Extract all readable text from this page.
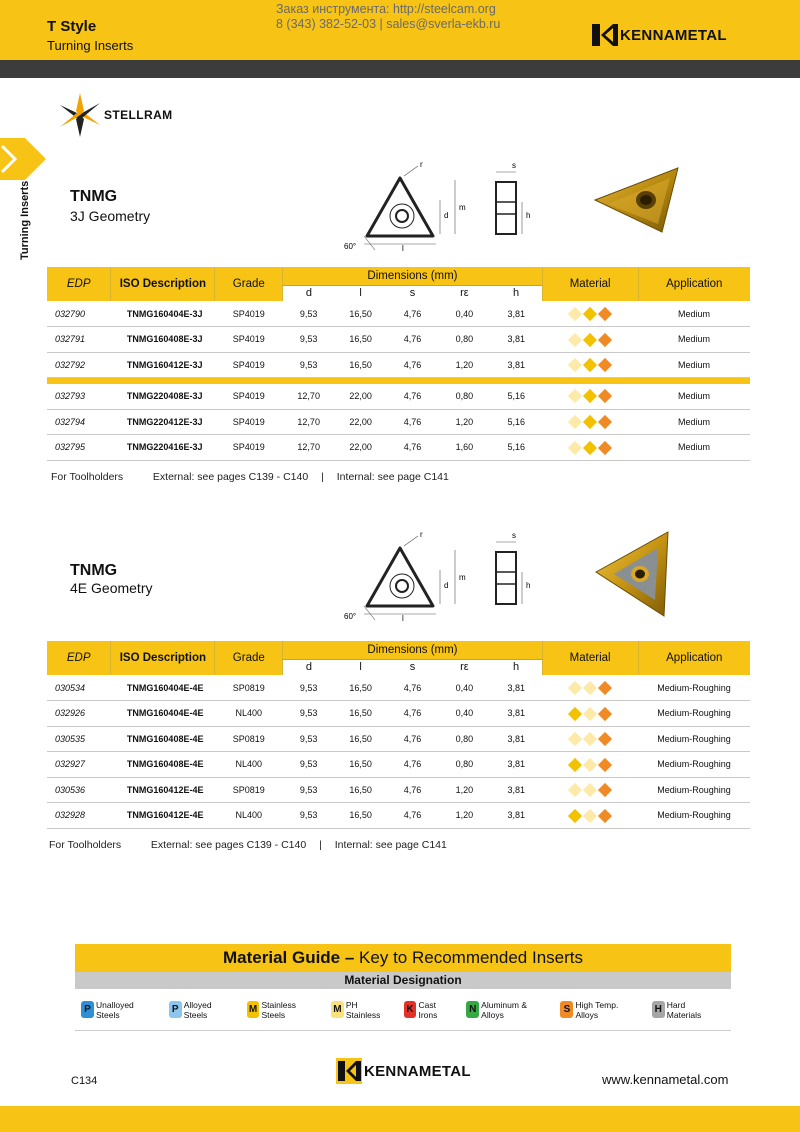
T Style
Turning Inserts
Заказ инструмента: http://steelcam.org
8 (343) 382-52-03 | sales@sverla-ekb.ru
KENNAMETAL
Turning Inserts
STELLRAM
TNMG
3J Geometry
r
d
m
l
60°
s
h
EDP	ISO Description	Grade	Dimensions (mm)					Material	Application
			d	l	s	rε	h		
032790	TNMG160404E-3J	SP4019	9,53	16,50	4,76	0,40	3,81		Medium
032791	TNMG160408E-3J	SP4019	9,53	16,50	4,76	0,80	3,81		Medium
032792	TNMG160412E-3J	SP4019	9,53	16,50	4,76	1,20	3,81		Medium

032793	TNMG220408E-3J	SP4019	12,70	22,00	4,76	0,80	5,16		Medium
032794	TNMG220412E-3J	SP4019	12,70	22,00	4,76	1,20	5,16		Medium
032795	TNMG220416E-3J	SP4019	12,70	22,00	4,76	1,60	5,16		Medium
For Toolholders	External: see pages C139 - C140 | Internal: see page C141
TNMG
4E Geometry
r
d
m
l
60°
s
h
EDP	ISO Description	Grade	Dimensions (mm)					Material	Application
			d	l	s	rε	h		
030534	TNMG160404E-4E	SP0819	9,53	16,50	4,76	0,40	3,81		Medium-Roughing
032926	TNMG160404E-4E	NL400	9,53	16,50	4,76	0,40	3,81		Medium-Roughing
030535	TNMG160408E-4E	SP0819	9,53	16,50	4,76	0,80	3,81		Medium-Roughing
032927	TNMG160408E-4E	NL400	9,53	16,50	4,76	0,80	3,81		Medium-Roughing
030536	TNMG160412E-4E	SP0819	9,53	16,50	4,76	1,20	3,81		Medium-Roughing
032928	TNMG160412E-4E	NL400	9,53	16,50	4,76	1,20	3,81		Medium-Roughing
For Toolholders	External: see pages C139 - C140 | Internal: see page C141
Material Guide – Key to Recommended Inserts
Material Designation
P Unalloyed Steels	P Alloyed Steels	M Stainless Steels	M PH Stainless	K Cast Irons	N Aluminum & Alloys	S High Temp. Alloys	H Hard Materials
C134
KENNAMETAL	www.kennametal.com
